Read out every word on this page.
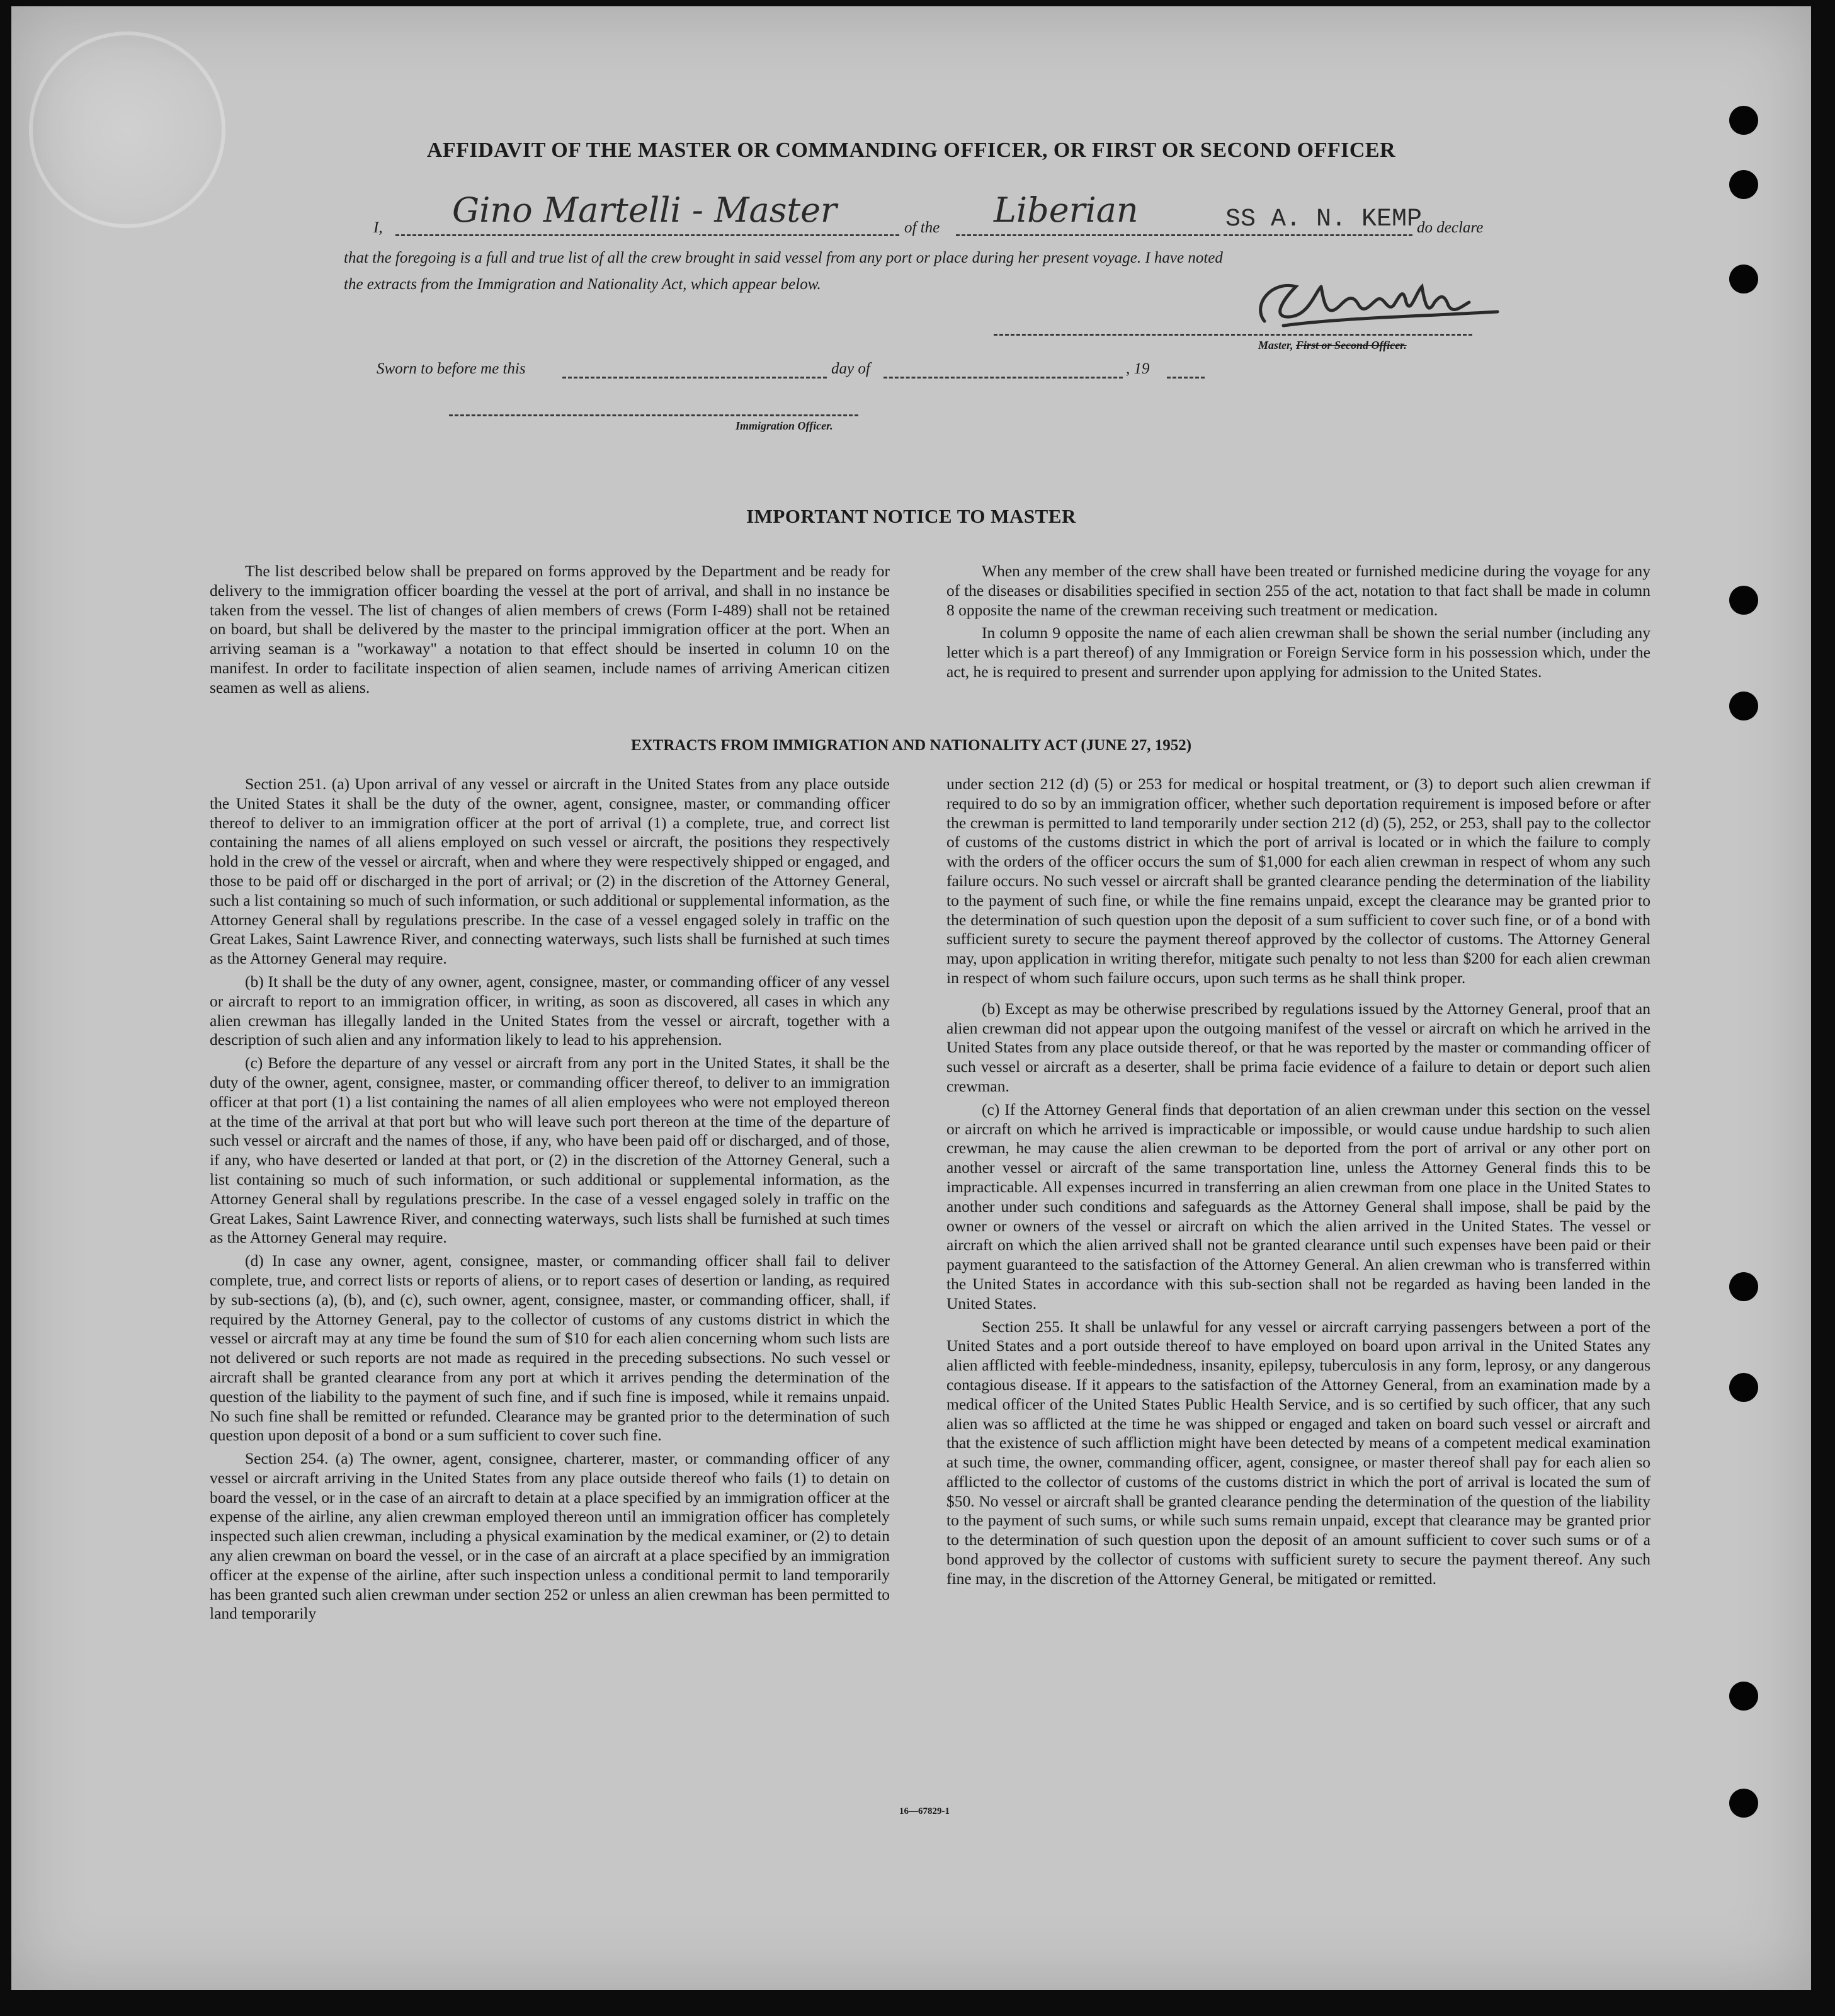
AFFIDAVIT OF THE MASTER OR COMMANDING OFFICER, OR FIRST OR SECOND OFFICER
I, Gino Martelli - Master	of the Liberian	SS A. N. KEMP
do declare
that the foregoing is a full and true list of all the crew brought in said vessel from any port or place during her present voyage. I have noted
the extracts from the Immigration and Nationality Act, which appear below.
Master, First or Second Officer.
Sworn to before me this	day of	, 19
Immigration Officer.
IMPORTANT NOTICE TO MASTER

The list described below shall be prepared on forms approved by the Department and be ready for delivery to the immigration officer boarding the vessel at the port of arrival, and shall in no instance be taken from the vessel. The list of changes of alien members of crews (Form I-489) shall not be retained on board, but shall be delivered by the master to the principal immigration officer at the port. When an arriving seaman is a "workaway" a notation to that effect should be inserted in column 10 on the manifest. In order to facilitate inspection of alien seamen, include names of arriving American citizen seamen as well as aliens.

When any member of the crew shall have been treated or furnished medicine during the voyage for any of the diseases or disabilities specified in section 255 of the act, notation to that fact shall be made in column 8 opposite the name of the crewman receiving such treatment or medication.

In column 9 opposite the name of each alien crewman shall be shown the serial number (including any letter which is a part thereof) of any Immigration or Foreign Service form in his possession which, under the act, he is required to present and surrender upon applying for admission to the United States.

EXTRACTS FROM IMMIGRATION AND NATIONALITY ACT (JUNE 27, 1952)

Section 251. (a) Upon arrival of any vessel or aircraft in the United States from any place outside the United States it shall be the duty of the owner, agent, consignee, master, or commanding officer thereof to deliver to an immigration officer at the port of arrival (1) a complete, true, and correct list containing the names of all aliens employed on such vessel or aircraft, the positions they respectively hold in the crew of the vessel or aircraft, when and where they were respectively shipped or engaged, and those to be paid off or discharged in the port of arrival; or (2) in the discretion of the Attorney General, such a list containing so much of such information, or such additional or supplemental information, as the Attorney General shall by regulations prescribe. In the case of a vessel engaged solely in traffic on the Great Lakes, Saint Lawrence River, and connecting waterways, such lists shall be furnished at such times as the Attorney General may require.

(b) It shall be the duty of any owner, agent, consignee, master, or commanding officer of any vessel or aircraft to report to an immigration officer, in writing, as soon as discovered, all cases in which any alien crewman has illegally landed in the United States from the vessel or aircraft, together with a description of such alien and any information likely to lead to his apprehension.

(c) Before the departure of any vessel or aircraft from any port in the United States, it shall be the duty of the owner, agent, consignee, master, or commanding officer thereof, to deliver to an immigration officer at that port (1) a list containing the names of all alien employees who were not employed thereon at the time of the arrival at that port but who will leave such port thereon at the time of the departure of such vessel or aircraft and the names of those, if any, who have been paid off or discharged, and of those, if any, who have deserted or landed at that port, or (2) in the discretion of the Attorney General, such a list containing so much of such information, or such additional or supplemental information, as the Attorney General shall by regulations prescribe. In the case of a vessel engaged solely in traffic on the Great Lakes, Saint Lawrence River, and connecting waterways, such lists shall be furnished at such times as the Attorney General may require.

(d) In case any owner, agent, consignee, master, or commanding officer shall fail to deliver complete, true, and correct lists or reports of aliens, or to report cases of desertion or landing, as required by sub-sections (a), (b), and (c), such owner, agent, consignee, master, or commanding officer, shall, if required by the Attorney General, pay to the collector of customs of any customs district in which the vessel or aircraft may at any time be found the sum of $10 for each alien concerning whom such lists are not delivered or such reports are not made as required in the preceding subsections. No such vessel or aircraft shall be granted clearance from any port at which it arrives pending the determination of the question of the liability to the payment of such fine, and if such fine is imposed, while it remains unpaid. No such fine shall be remitted or refunded. Clearance may be granted prior to the determination of such question upon deposit of a bond or a sum sufficient to cover such fine.

Section 254. (a) The owner, agent, consignee, charterer, master, or commanding officer of any vessel or aircraft arriving in the United States from any place outside thereof who fails (1) to detain on board the vessel, or in the case of an aircraft to detain at a place specified by an immigration officer at the expense of the airline, any alien crewman employed thereon until an immigration officer has completely inspected such alien crewman, including a physical examination by the medical examiner, or (2) to detain any alien crewman on board the vessel, or in the case of an aircraft at a place specified by an immigration officer at the expense of the airline, after such inspection unless a conditional permit to land temporarily has been granted such alien crewman under section 252 or unless an alien crewman has been permitted to land temporarily

under section 212 (d) (5) or 253 for medical or hospital treatment, or (3) to deport such alien crewman if required to do so by an immigration officer, whether such deportation requirement is imposed before or after the crewman is permitted to land temporarily under section 212 (d) (5), 252, or 253, shall pay to the collector of customs of the customs district in which the port of arrival is located or in which the failure to comply with the orders of the officer occurs the sum of $1,000 for each alien crewman in respect of whom any such failure occurs. No such vessel or aircraft shall be granted clearance pending the determination of the liability to the payment of such fine, or while the fine remains unpaid, except the clearance may be granted prior to the determination of such question upon the deposit of a sum sufficient to cover such fine, or of a bond with sufficient surety to secure the payment thereof approved by the collector of customs. The Attorney General may, upon application in writing therefor, mitigate such penalty to not less than $200 for each alien crewman in respect of whom such failure occurs, upon such terms as he shall think proper.

(b) Except as may be otherwise prescribed by regulations issued by the Attorney General, proof that an alien crewman did not appear upon the outgoing manifest of the vessel or aircraft on which he arrived in the United States from any place outside thereof, or that he was reported by the master or commanding officer of such vessel or aircraft as a deserter, shall be prima facie evidence of a failure to detain or deport such alien crewman.

(c) If the Attorney General finds that deportation of an alien crewman under this section on the vessel or aircraft on which he arrived is impracticable or impossible, or would cause undue hardship to such alien crewman, he may cause the alien crewman to be deported from the port of arrival or any other port on another vessel or aircraft of the same transportation line, unless the Attorney General finds this to be impracticable. All expenses incurred in transferring an alien crewman from one place in the United States to another under such conditions and safeguards as the Attorney General shall impose, shall be paid by the owner or owners of the vessel or aircraft on which the alien arrived in the United States. The vessel or aircraft on which the alien arrived shall not be granted clearance until such expenses have been paid or their payment guaranteed to the satisfaction of the Attorney General. An alien crewman who is transferred within the United States in accordance with this sub-section shall not be regarded as having been landed in the United States.

Section 255. It shall be unlawful for any vessel or aircraft carrying passengers between a port of the United States and a port outside thereof to have employed on board upon arrival in the United States any alien afflicted with feeble-mindedness, insanity, epilepsy, tuberculosis in any form, leprosy, or any dangerous contagious disease. If it appears to the satisfaction of the Attorney General, from an examination made by a medical officer of the United States Public Health Service, and is so certified by such officer, that any such alien was so afflicted at the time he was shipped or engaged and taken on board such vessel or aircraft and that the existence of such affliction might have been detected by means of a competent medical examination at such time, the owner, commanding officer, agent, consignee, or master thereof shall pay for each alien so afflicted to the collector of customs of the customs district in which the port of arrival is located the sum of $50. No vessel or aircraft shall be granted clearance pending the determination of the question of the liability to the payment of such sums, or while such sums remain unpaid, except that clearance may be granted prior to the determination of such question upon the deposit of an amount sufficient to cover such sums or of a bond approved by the collector of customs with sufficient surety to secure the payment thereof. Any such fine may, in the discretion of the Attorney General, be mitigated or remitted.

16—67829-1
